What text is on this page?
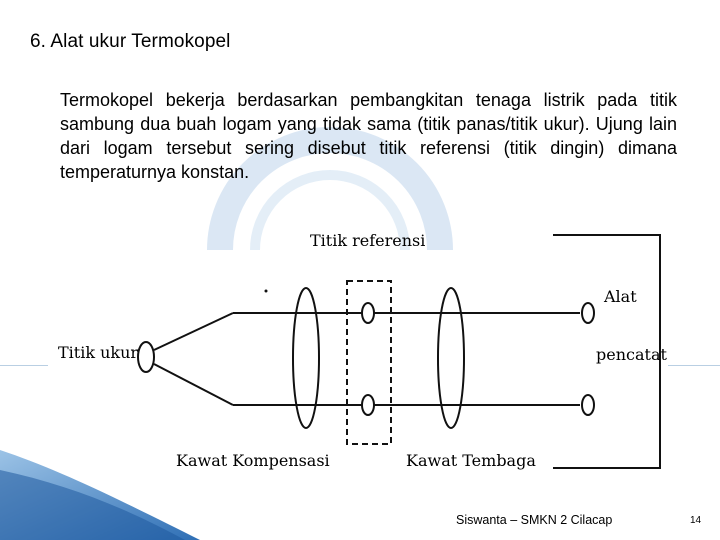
6. Alat ukur Termokopel
Termokopel bekerja berdasarkan pembangkitan tenaga listrik pada titik sambung dua buah logam yang tidak sama (titik panas/titik ukur). Ujung lain dari logam tersebut sering disebut titik referensi (titik dingin) dimana temperaturnya konstan.
Titik referensi
Titik ukur
Alat
pencatat
Kawat Kompensasi	Kawat Tembaga
Siswanta – SMKN 2 Cilacap	14
